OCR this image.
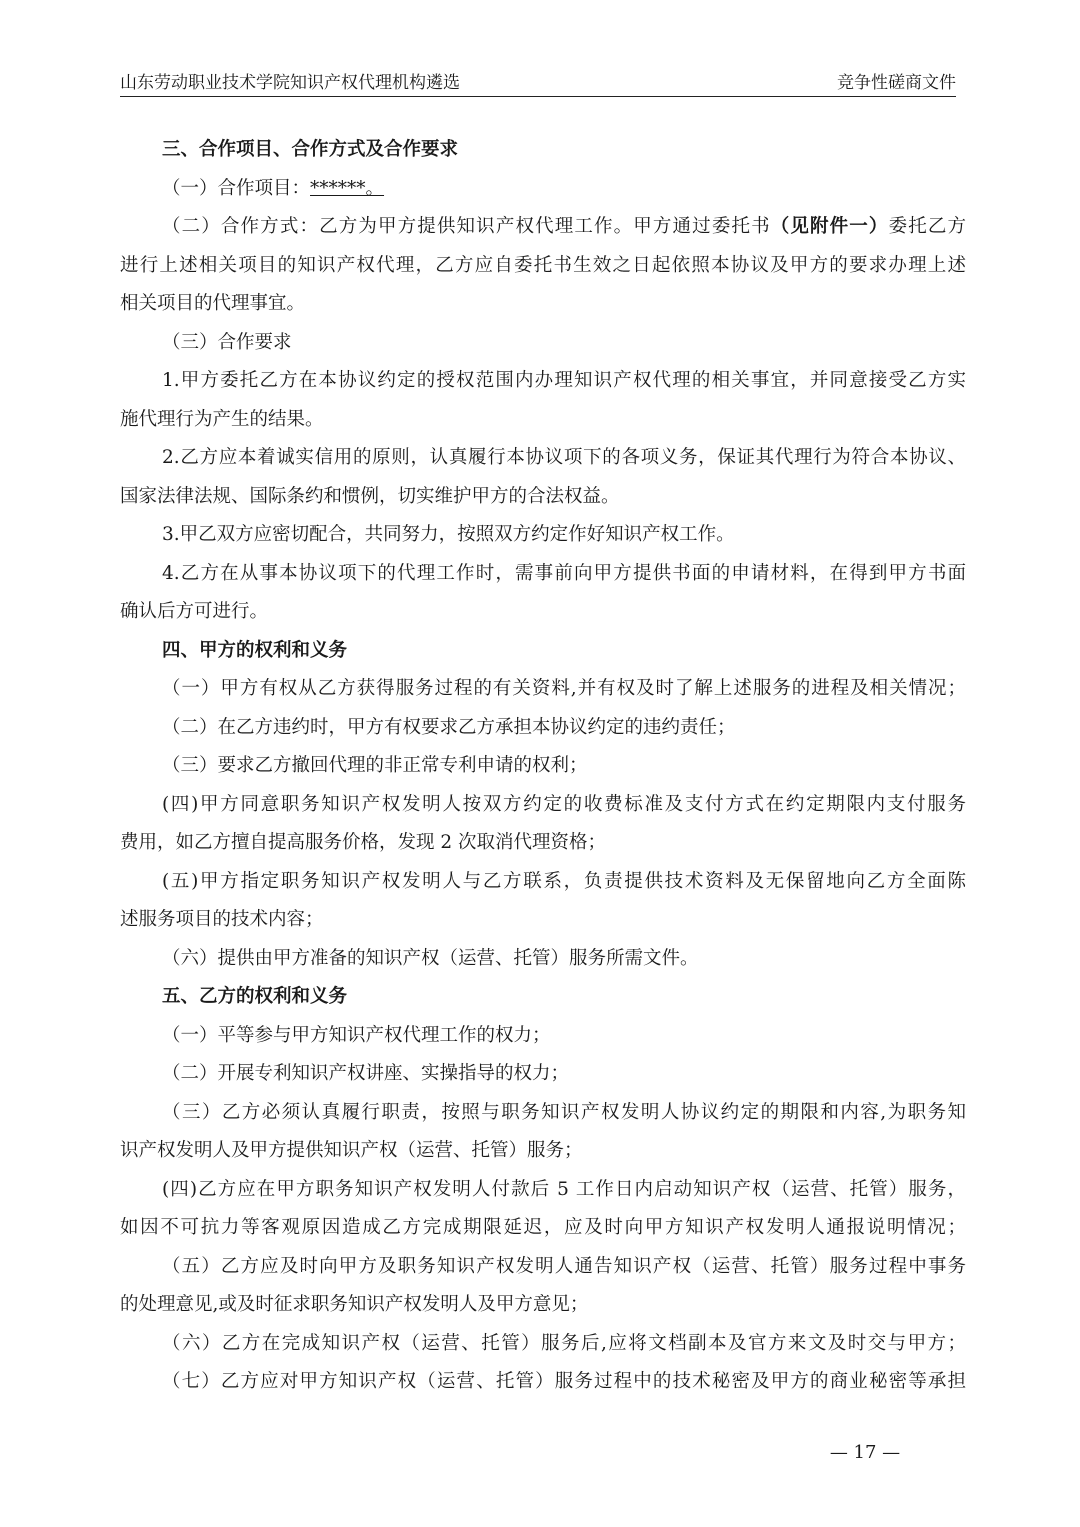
山东劳动职业技术学院知识产权代理机构遴选	竞争性磋商文件
三、合作项目、合作方式及合作要求
（一）合作项目：******。
（二）合作方式：乙方为甲方提供知识产权代理工作。甲方通过委托书（见附件一）委托乙方
进行上述相关项目的知识产权代理，乙方应自委托书生效之日起依照本协议及甲方的要求办理上述
相关项目的代理事宜。
（三）合作要求
1.甲方委托乙方在本协议约定的授权范围内办理知识产权代理的相关事宜，并同意接受乙方实
施代理行为产生的结果。
2.乙方应本着诚实信用的原则，认真履行本协议项下的各项义务，保证其代理行为符合本协议、
国家法律法规、国际条约和惯例，切实维护甲方的合法权益。
3.甲乙双方应密切配合，共同努力，按照双方约定作好知识产权工作。
4.乙方在从事本协议项下的代理工作时，需事前向甲方提供书面的申请材料，在得到甲方书面
确认后方可进行。
四、甲方的权利和义务
（一）甲方有权从乙方获得服务过程的有关资料,并有权及时了解上述服务的进程及相关情况；
（二）在乙方违约时，甲方有权要求乙方承担本协议约定的违约责任；
（三）要求乙方撤回代理的非正常专利申请的权利；
(四)甲方同意职务知识产权发明人按双方约定的收费标准及支付方式在约定期限内支付服务
费用，如乙方擅自提高服务价格，发现 2 次取消代理资格；
(五)甲方指定职务知识产权发明人与乙方联系，负责提供技术资料及无保留地向乙方全面陈
述服务项目的技术内容；
（六）提供由甲方准备的知识产权（运营、托管）服务所需文件。
五、乙方的权利和义务
（一）平等参与甲方知识产权代理工作的权力；
（二）开展专利知识产权讲座、实操指导的权力；
（三）乙方必须认真履行职责，按照与职务知识产权发明人协议约定的期限和内容,为职务知
识产权发明人及甲方提供知识产权（运营、托管）服务；
(四)乙方应在甲方职务知识产权发明人付款后 5 工作日内启动知识产权（运营、托管）服务，
如因不可抗力等客观原因造成乙方完成期限延迟，应及时向甲方知识产权发明人通报说明情况；
（五）乙方应及时向甲方及职务知识产权发明人通告知识产权（运营、托管）服务过程中事务
的处理意见,或及时征求职务知识产权发明人及甲方意见；
（六）乙方在完成知识产权（运营、托管）服务后,应将文档副本及官方来文及时交与甲方；
（七）乙方应对甲方知识产权（运营、托管）服务过程中的技术秘密及甲方的商业秘密等承担
— 17 —
